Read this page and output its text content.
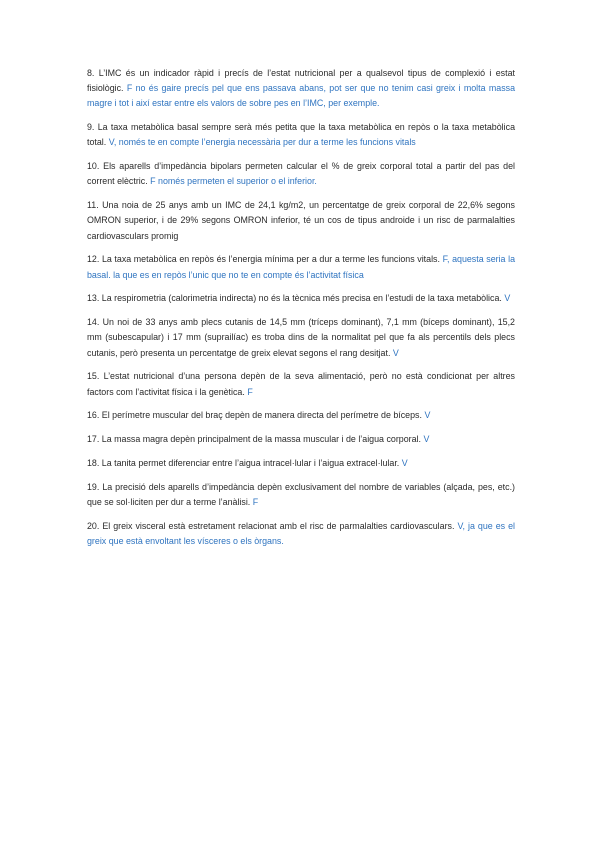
8. L’IMC és un indicador ràpid i precís de l’estat nutricional per a qualsevol tipus de complexió i estat fisiològic. F no és gaire precís pel que ens passava abans, pot ser que no tenim casi greix i molta massa magre i tot i així estar entre els valors de sobre pes en l’IMC, per exemple.

9. La taxa metabòlica basal sempre serà més petita que la taxa metabòlica en repòs o la taxa metabòlica total. V, només te en compte l’energia necessària per dur a terme les funcions vitals

10. Els aparells d’impedància bipolars permeten calcular el % de greix corporal total a partir del pas del corrent elèctric. F només permeten el superior o el inferior.

11. Una noia de 25 anys amb un IMC de 24,1 kg/m2, un percentatge de greix corporal de 22,6% segons OMRON superior, i de 29% segons OMRON inferior, té un cos de tipus androide i un risc de parmalalties cardiovasculars promig

12. La taxa metabòlica en repòs és l’energia mínima per a dur a terme les funcions vitals. F, aquesta seria la basal. la que es en repòs l’unic que no te en compte és l’activitat física

13. La respirometria (calorimetria indirecta) no és la tècnica més precisa en l’estudi de la taxa metabòlica. V

14. Un noi de 33 anys amb plecs cutanis de 14,5 mm (tríceps dominant), 7,1 mm (bíceps dominant), 15,2 mm (subescapular) i 17 mm (suprailíac) es troba dins de la normalitat pel que fa als percentils dels plecs cutanis, però presenta un percentatge de greix elevat segons el rang desitjat. V

15. L’estat nutricional d’una persona depèn de la seva alimentació, però no està condicionat per altres factors com l’activitat física i la genètica. F

16. El perímetre muscular del braç depèn de manera directa del perímetre de bíceps. V

17. La massa magra depèn principalment de la massa muscular i de l’aigua corporal. V

18. La tanita permet diferenciar entre l’aigua intracel·lular i l’aigua extracel·lular. V

19. La precisió dels aparells d’impedància depèn exclusivament del nombre de variables (alçada, pes, etc.) que se sol·liciten per dur a terme l’anàlisi. F

20. El greix visceral està estretament relacionat amb el risc de parmalalties cardiovasculars. V, ja que es el greix que està envoltant les vísceres o els òrgans.
